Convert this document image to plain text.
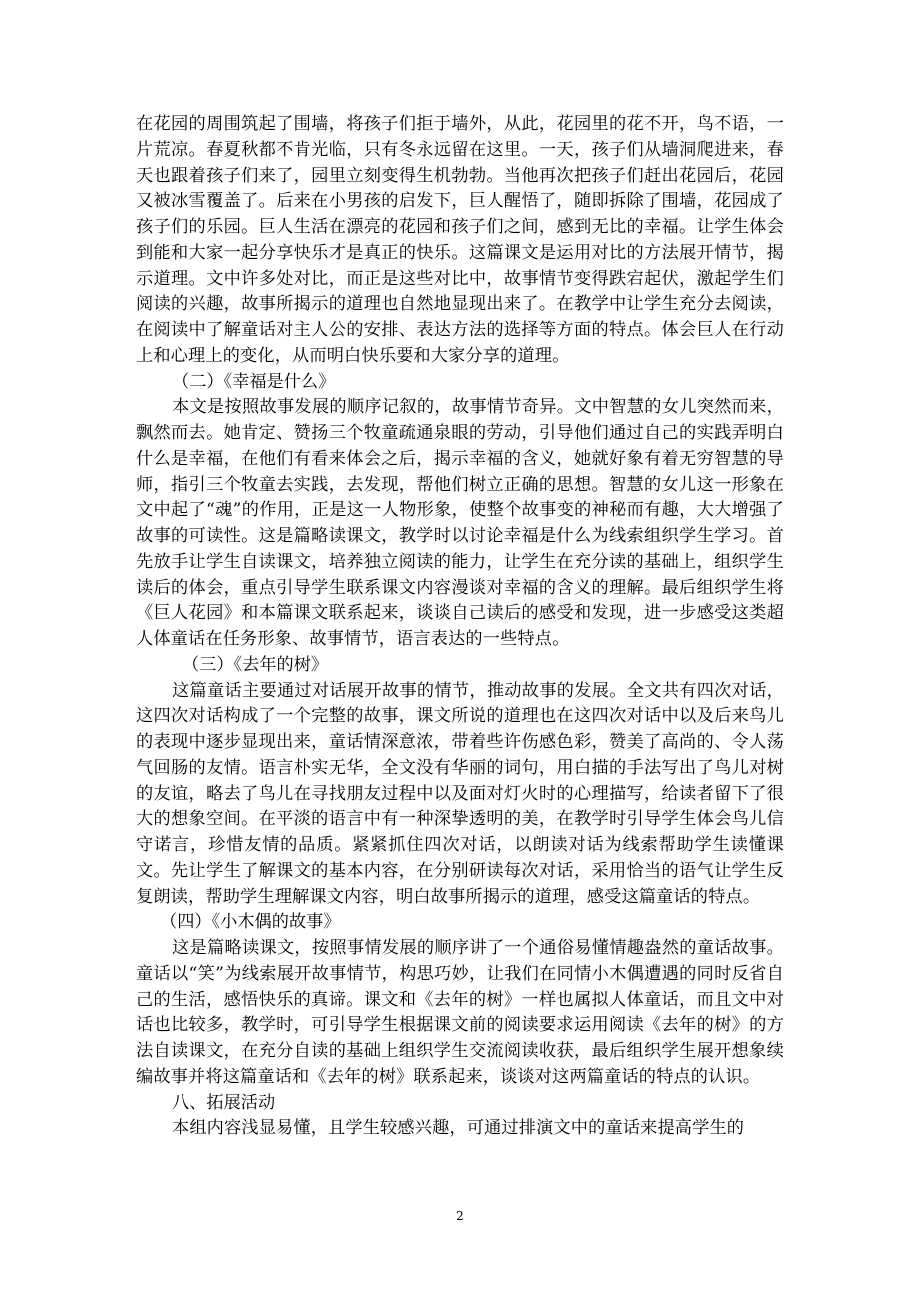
在花园的周围筑起了围墙，将孩子们拒于墙外，从此，花园里的花不开，鸟不语，一片荒凉。春夏秋都不肯光临，只有冬永远留在这里。一天，孩子们从墙洞爬进来，春天也跟着孩子们来了，园里立刻变得生机勃勃。当他再次把孩子们赶出花园后，花园又被冰雪覆盖了。后来在小男孩的启发下，巨人醒悟了，随即拆除了围墙，花园成了孩子们的乐园。巨人生活在漂亮的花园和孩子们之间，感到无比的幸福。让学生体会到能和大家一起分享快乐才是真正的快乐。这篇课文是运用对比的方法展开情节，揭示道理。文中许多处对比，而正是这些对比中，故事情节变得跌宕起伏，激起学生们阅读的兴趣，故事所揭示的道理也自然地显现出来了。在教学中让学生充分去阅读，在阅读中了解童话对主人公的安排、表达方法的选择等方面的特点。体会巨人在行动上和心理上的变化，从而明白快乐要和大家分享的道理。

（二）《幸福是什么》

本文是按照故事发展的顺序记叙的，故事情节奇异。文中智慧的女儿突然而来，飘然而去。她肯定、赞扬三个牧童疏通泉眼的劳动，引导他们通过自己的实践弄明白什么是幸福，在他们有看来体会之后，揭示幸福的含义，她就好象有着无穷智慧的导师，指引三个牧童去实践，去发现，帮他们树立正确的思想。智慧的女儿这一形象在文中起了“魂”的作用，正是这一人物形象，使整个故事变的神秘而有趣，大大增强了故事的可读性。这是篇略读课文，教学时以讨论幸福是什么为线索组织学生学习。首先放手让学生自读课文，培养独立阅读的能力，让学生在充分读的基础上，组织学生读后的体会，重点引导学生联系课文内容漫谈对幸福的含义的理解。最后组织学生将《巨人花园》和本篇课文联系起来，谈谈自己读后的感受和发现，进一步感受这类超人体童话在任务形象、故事情节，语言表达的一些特点。

（三）《去年的树》

这篇童话主要通过对话展开故事的情节，推动故事的发展。全文共有四次对话，这四次对话构成了一个完整的故事，课文所说的道理也在这四次对话中以及后来鸟儿的表现中逐步显现出来，童话情深意浓，带着些许伤感色彩，赞美了高尚的、令人荡气回肠的友情。语言朴实无华，全文没有华丽的词句，用白描的手法写出了鸟儿对树的友谊，略去了鸟儿在寻找朋友过程中以及面对灯火时的心理描写，给读者留下了很大的想象空间。在平淡的语言中有一种深挚透明的美，在教学时引导学生体会鸟儿信守诺言，珍惜友情的品质。紧紧抓住四次对话，以朗读对话为线索帮助学生读懂课文。先让学生了解课文的基本内容，在分别研读每次对话，采用恰当的语气让学生反复朗读，帮助学生理解课文内容，明白故事所揭示的道理，感受这篇童话的特点。

（四）《小木偶的故事》

这是篇略读课文，按照事情发展的顺序讲了一个通俗易懂情趣盎然的童话故事。童话以“笑”为线索展开故事情节，构思巧妙，让我们在同情小木偶遭遇的同时反省自己的生活，感悟快乐的真谛。课文和《去年的树》一样也属拟人体童话，而且文中对话也比较多，教学时，可引导学生根据课文前的阅读要求运用阅读《去年的树》的方法自读课文，在充分自读的基础上组织学生交流阅读收获，最后组织学生展开想象续编故事并将这篇童话和《去年的树》联系起来，谈谈对这两篇童话的特点的认识。

八、拓展活动

本组内容浅显易懂，且学生较感兴趣，可通过排演文中的童话来提高学生的

2
